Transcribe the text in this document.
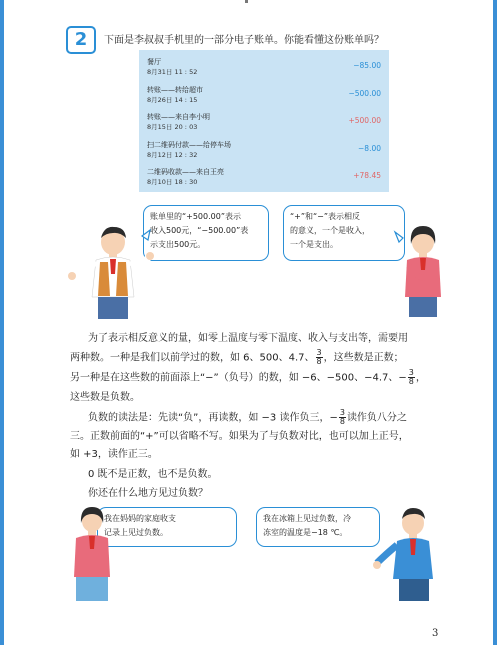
2	下面是李叔叔手机里的一部分电子账单。你能看懂这份账单吗？
餐厅
8月31日 11 : 52
−85.00
转账——转给超市
8月26日 14 : 15
−500.00
转账——来自李小明
8月15日 20 : 03
+500.00
扫二维码付款——给停车场
8月12日 12 : 32
−8.00
二维码收款——来自王亮
8月10日 18 : 30
+78.45
账单里的“+500.00”表示
收入500元，“−500.00”表
示支出500元。
“+”和“−”表示相反
的意义，一个是收入，
一个是支出。
为了表示相反意义的量，如零上温度与零下温度、收入与支出等，需要用
两种数。一种是我们以前学过的数，如 6、500、4.7、 $\frac{3}{8}$ ，这些数是正数；
另一种是在这些数的前面添上“−”（负号）的数，如 −6、−500、−4.7、− $\frac{3}{8}$ ，
这些数是负数。
负数的读法是：先读“负”，再读数，如 −3 读作负三，− $\frac{3}{8}$ 读作负八分之
三。正数前面的“+”可以省略不写。如果为了与负数对比，也可以加上正号，
如 +3，读作正三。
0 既不是正数，也不是负数。
你还在什么地方见过负数？
我在妈妈的家庭收支
记录上见过负数。
我在冰箱上见过负数，冷
冻室的温度是−18 ℃。
3
